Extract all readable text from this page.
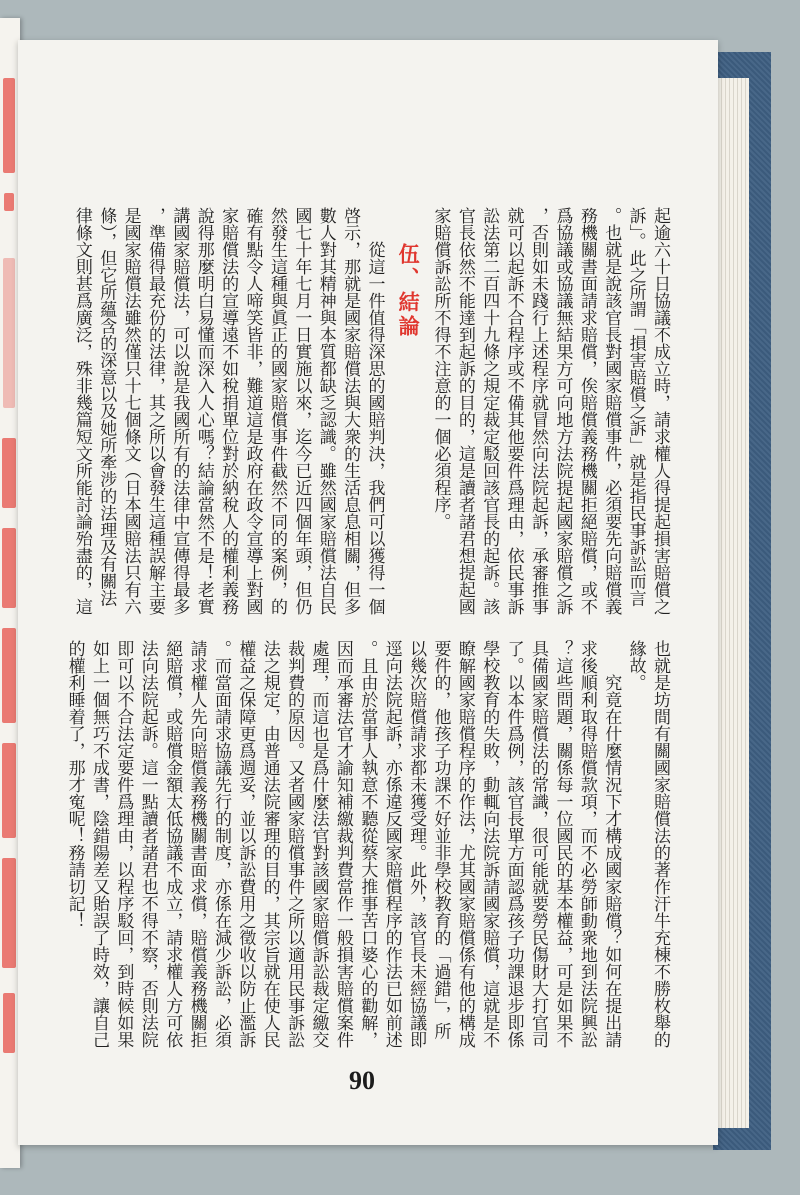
起逾六十日協議不成立時，請求權人得提起損害賠償之
訴」。此之所謂「損害賠償之訴」就是指民事訴訟而言
。也就是說該官長對國家賠償事件，必須要先向賠償義
務機關書面請求賠償，俟賠償義務機關拒絕賠償，或不
爲協議或協議無結果方可向地方法院提起國家賠償之訴
，否則如未踐行上述程序就冒然向法院起訴，承審推事
就可以起訴不合程序或不備其他要件爲理由，依民事訴
訟法第二百四十九條之規定裁定駁回該官長的起訴。該
官長依然不能達到起訴的目的，這是讀者諸君想提起國
家賠償訴訟所不得不注意的一個必須程序。
伍、結論
從這一件值得深思的國賠判決，我們可以獲得一個
啓示，那就是國家賠償法與大衆的生活息息相關，但多
數人對其精神與本質都缺乏認識。雖然國家賠償法自民
國七十年七月一日實施以來，迄今已近四個年頭，但仍
然發生這種與眞正的國家賠償事件截然不同的案例，的
確有點令人啼笑皆非，難道這是政府在政令宣導上對國
家賠償法的宣導遠不如稅捐單位對於納稅人的權利義務
說得那麼明白易懂而深入人心嗎？結論當然不是！老實
講國家賠償法，可以說是我國所有的法律中宣傳得最多
，準備得最充份的法律，其之所以會發生這種誤解主要
是國家賠償法雖然僅只十七個條文（日本國賠法只有六
條），但它所蘊含的深意以及她所牽涉的法理及有關法
律條文則甚爲廣泛，殊非幾篇短文所能討論殆盡的，這
也就是坊間有關國家賠償法的著作汗牛充棟不勝枚舉的
緣故。
究竟在什麼情況下才構成國家賠償？如何在提出請
求後順利取得賠償款項，而不必勞師動衆地到法院興訟
？這些問題，關係每一位國民的基本權益，可是如果不
具備國家賠償法的常識，很可能就要勞民傷財大打官司
了。以本件爲例，該官長單方面認爲孩子功課退步即係
學校教育的失敗，動輒向法院訴請國家賠償，這就是不
瞭解國家賠償程序的作法，尤其國家賠償係有他的構成
要件的，他孩子功課不好並非學校教育的「過錯」，所
以幾次賠償請求都未獲受理。此外，該官長未經協議即
逕向法院起訴，亦係違反國家賠償程序的作法已如前述
。且由於當事人執意不聽從蔡大推事苦口婆心的勸解，
因而承審法官才諭知補繳裁判費當作一般損害賠償案件
處理，而這也是爲什麼法官對該國家賠償訴訟裁定繳交
裁判費的原因。又者國家賠償事件之所以適用民事訴訟
法之規定，由普通法院審理的目的，其宗旨就在使人民
權益之保障更爲週妥，並以訴訟費用之徵收以防止濫訴
。而當面請求協議先行的制度，亦係在減少訴訟，必須
請求權人先向賠償義務機關書面求償，賠償義務機關拒
絕賠償，或賠償金額太低協議不成立，請求權人方可依
法向法院起訴。這一點讀者諸君也不得不察，否則法院
即可以不合法定要件爲理由，以程序駁回，到時候如果
如上一個無巧不成書，陰錯陽差又貽誤了時效，讓自己
的權利睡着了，那才寃呢！務請切記！
90
